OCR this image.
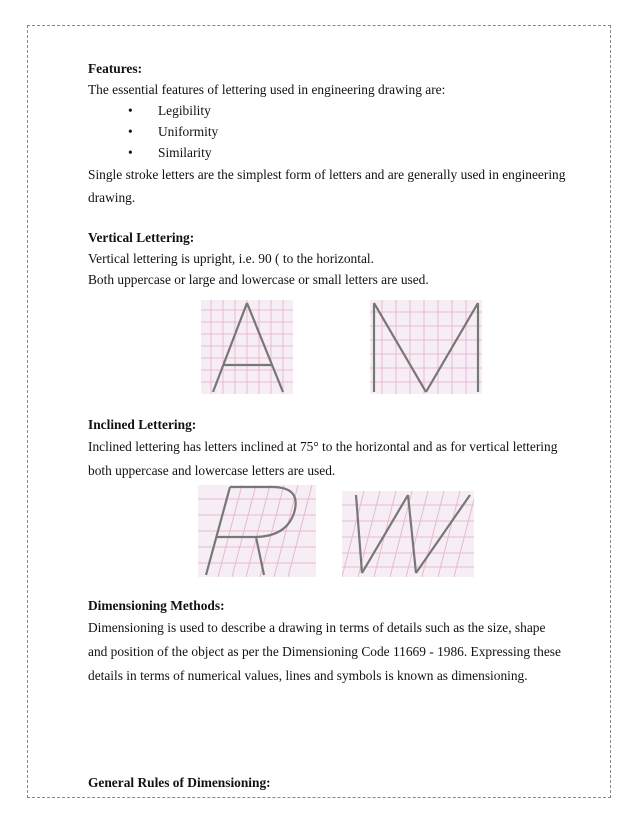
Features:

The essential features of lettering used in engineering drawing are:

• Legibility
• Uniformity
• Similarity

Single stroke letters are the simplest form of letters and are generally used in engineering drawing.

Vertical Lettering:

Vertical lettering is upright, i.e. 90 ( to the horizontal.

Both uppercase or large and lowercase or small letters are used.

Inclined Lettering:

Inclined lettering has letters inclined at 75° to the horizontal and as for vertical lettering both uppercase and lowercase letters are used.

Dimensioning Methods:

Dimensioning is used to describe a drawing in terms of details such as the size, shape and position of the object as per the Dimensioning Code 11669 - 1986. Expressing these details in terms of numerical values, lines and symbols is known as dimensioning.

General Rules of Dimensioning:
